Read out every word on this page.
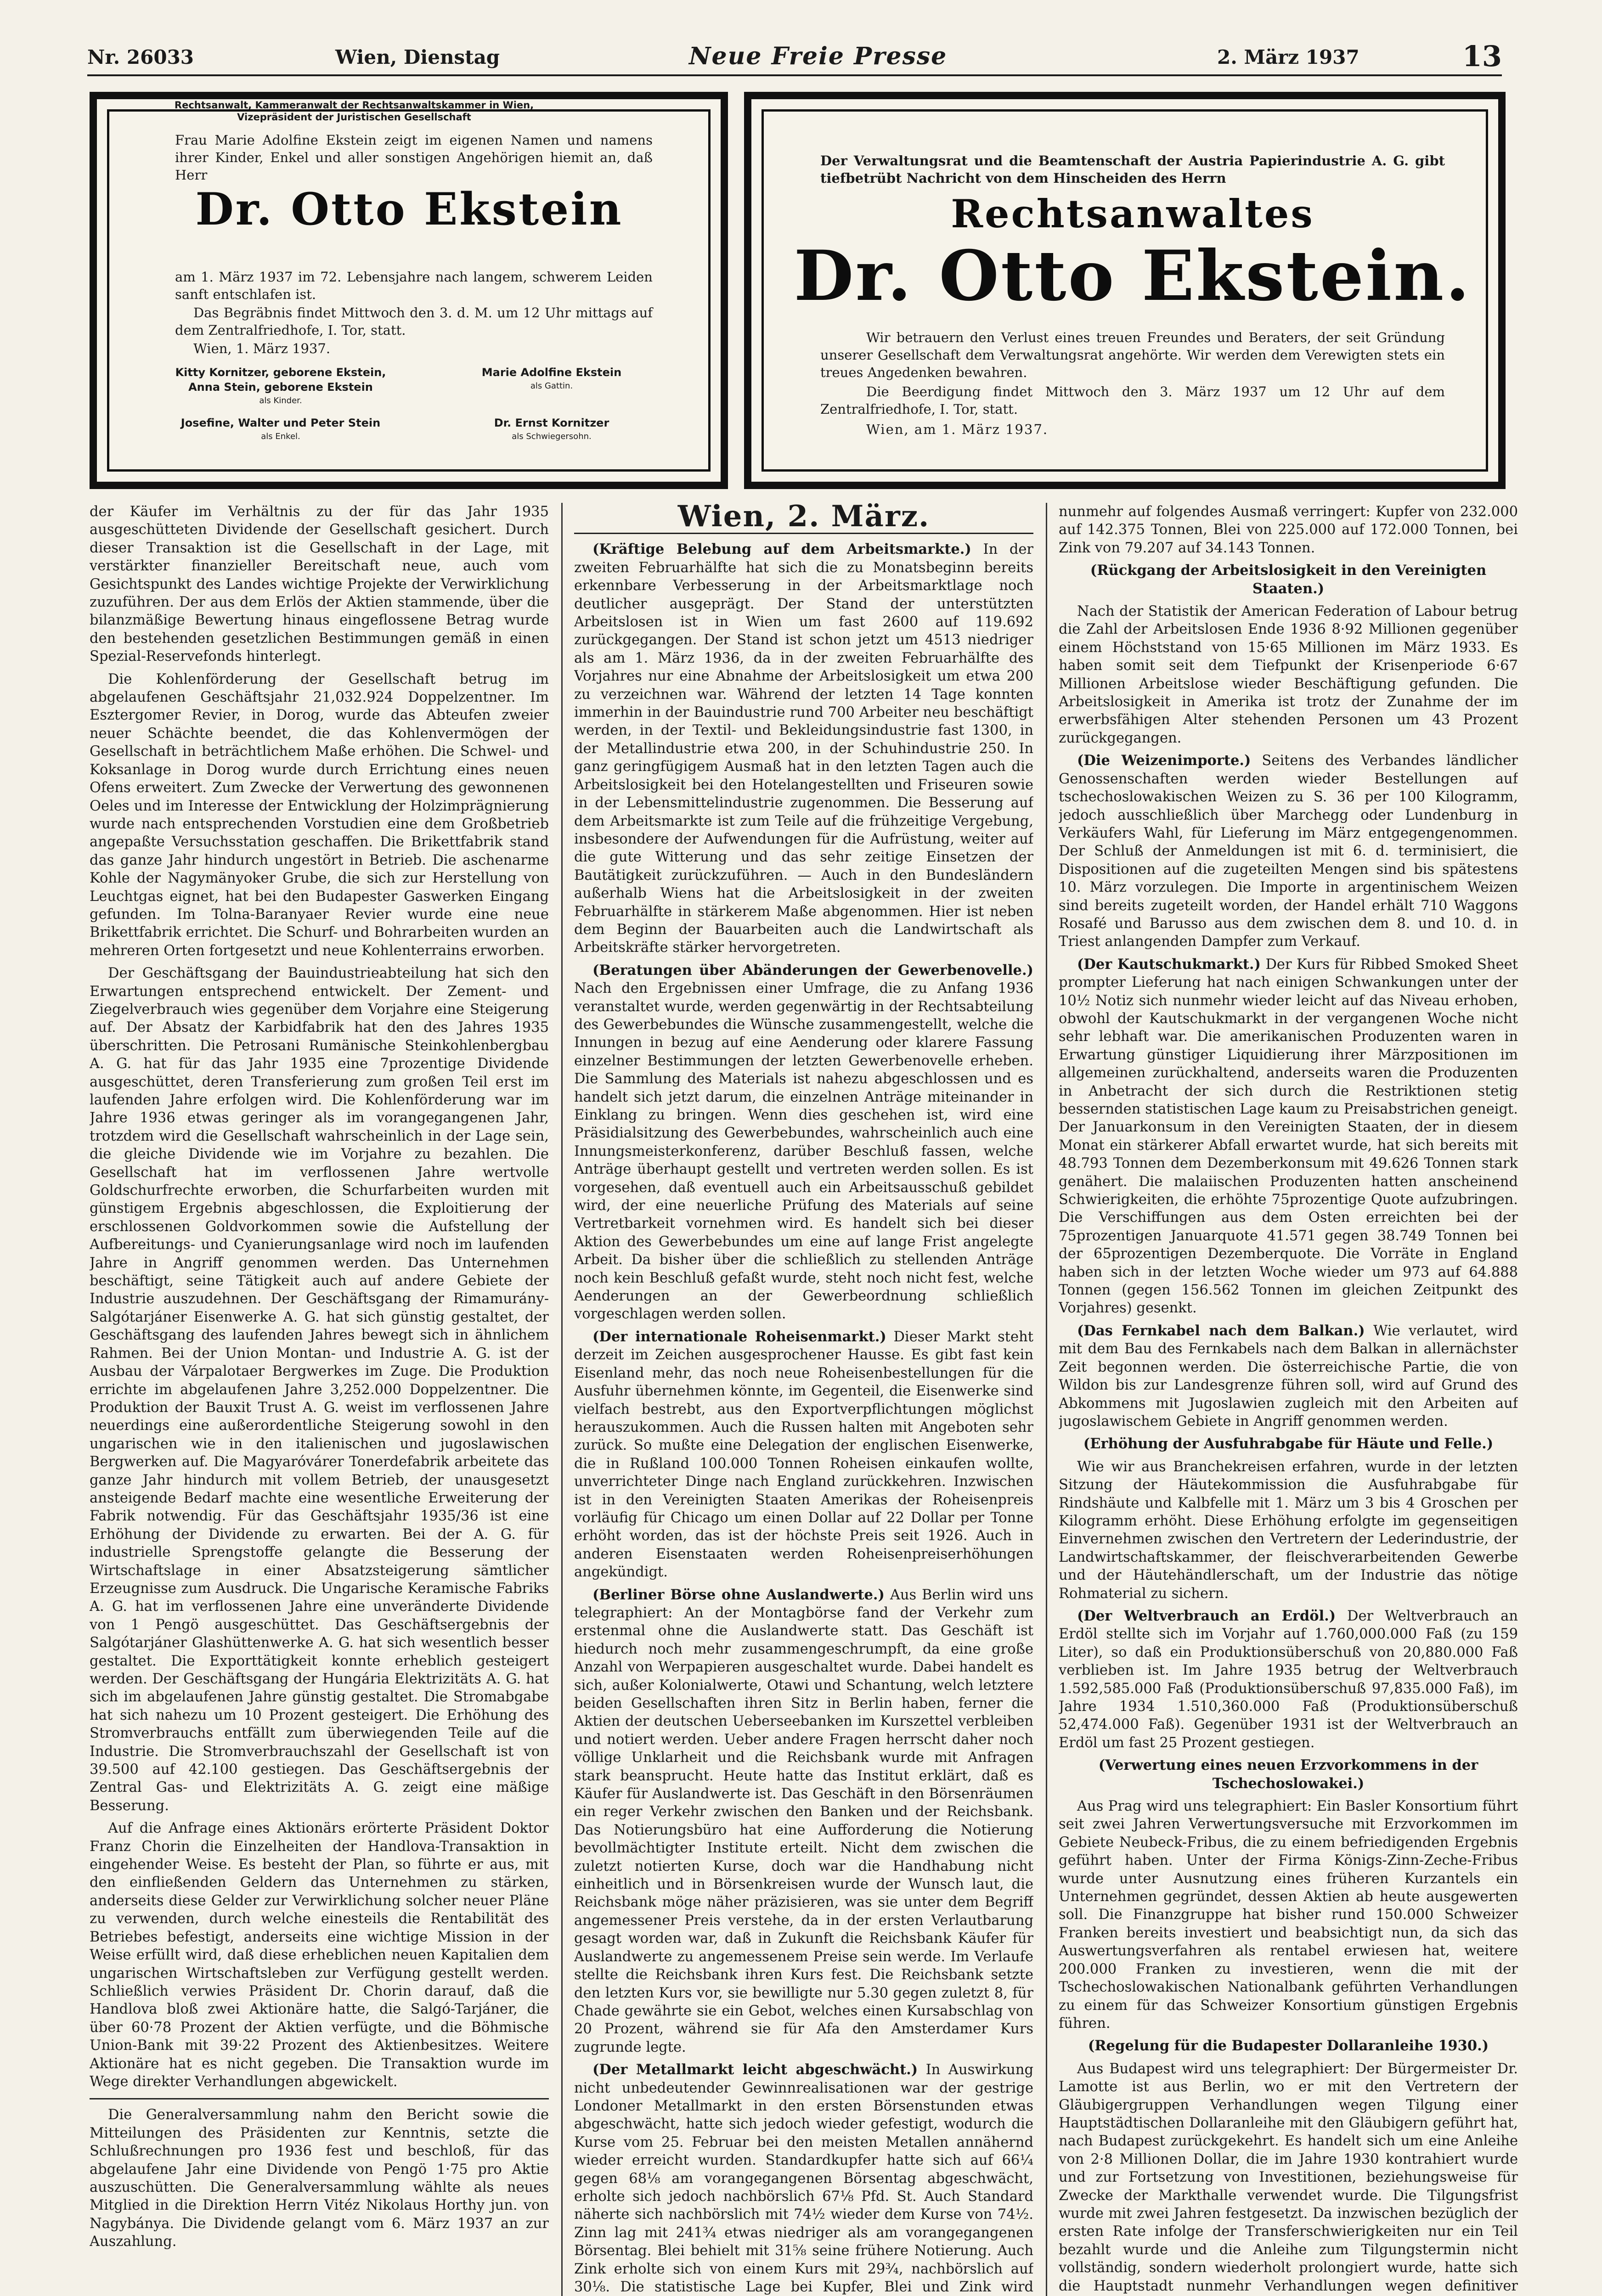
Nr. 26033	Wien, Dienstag	Neue Freie Presse	2. März 1937	13
Frau Marie Adolfine Ekstein zeigt im eigenen Namen und namens ihrer Kinder, Enkel und aller sonstigen Angehörigen hiemit an, daß Herr
Dr. Otto Ekstein
Rechtsanwalt, Kammeranwalt der Rechtsanwaltskammer in Wien,
Vizepräsident der Juristischen Gesellschaft
am 1. März 1937 im 72. Lebensjahre nach langem, schwerem Leiden sanft entschlafen ist.
Das Begräbnis findet Mittwoch den 3. d. M. um 12 Uhr mittags auf dem Zentralfriedhofe, I. Tor, statt.
Wien, 1. März 1937.
Kitty Kornitzer, geborene Ekstein,
Anna Stein, geborene Ekstein
als Kinder.
Marie Adolfine Ekstein
als Gattin.
Josefine, Walter und Peter Stein
als Enkel.
Dr. Ernst Kornitzer
als Schwiegersohn.
Der Verwaltungsrat und die Beamtenschaft der Austria Papierindustrie A. G. gibt tiefbetrübt Nachricht von dem Hinscheiden des Herrn
Rechtsanwaltes
Dr. Otto Ekstein.
Wir betrauern den Verlust eines treuen Freundes und Beraters, der seit Gründung unserer Gesellschaft dem Verwaltungsrat angehörte. Wir werden dem Verewigten stets ein treues Angedenken bewahren.
Die Beerdigung findet Mittwoch den 3. März 1937 um 12 Uhr auf dem Zentralfriedhofe, I. Tor, statt.
Wien, am 1. März 1937.

der Käufer im Verhältnis zu der für das Jahr 1935 ausgeschütteten Dividende der Gesellschaft gesichert. Durch dieser Transaktion ist die Gesellschaft in der Lage, mit verstärkter finanzieller Bereitschaft neue, auch vom Gesichtspunkt des Landes wichtige Projekte der Verwirklichung zuzuführen. Der aus dem Erlös der Aktien stammende, über die bilanzmäßige Bewertung hinaus eingeflossene Betrag wurde den bestehenden gesetzlichen Bestimmungen gemäß in einen Spezial-Reservefonds hinterlegt.

Die Kohlenförderung der Gesellschaft betrug im abgelaufenen Geschäftsjahr 21,032.924 Doppelzentner. Im Esztergomer Revier, in Dorog, wurde das Abteufen zweier neuer Schächte beendet, die das Kohlenvermögen der Gesellschaft in beträchtlichem Maße erhöhen. Die Schwel- und Koksanlage in Dorog wurde durch Errichtung eines neuen Ofens erweitert. Zum Zwecke der Verwertung des gewonnenen Oeles und im Interesse der Entwicklung der Holzimprägnierung wurde nach entsprechenden Vorstudien eine dem Großbetrieb angepaßte Versuchsstation geschaffen. Die Brikettfabrik stand das ganze Jahr hindurch ungestört in Betrieb. Die aschenarme Kohle der Nagymänyoker Grube, die sich zur Herstellung von Leuchtgas eignet, hat bei den Budapester Gaswerken Eingang gefunden. Im Tolna-Baranyaer Revier wurde eine neue Brikettfabrik errichtet. Die Schurf- und Bohrarbeiten wurden an mehreren Orten fortgesetzt und neue Kohlenterrains erworben.

Der Geschäftsgang der Bauindustrieabteilung hat sich den Erwartungen entsprechend entwickelt. Der Zement- und Ziegelverbrauch wies gegenüber dem Vorjahre eine Steigerung auf. Der Absatz der Karbidfabrik hat den des Jahres 1935 überschritten. Die Petrosani Rumänische Steinkohlenbergbau A. G. hat für das Jahr 1935 eine 7prozentige Dividende ausgeschüttet, deren Transferierung zum großen Teil erst im laufenden Jahre erfolgen wird. Die Kohlenförderung war im Jahre 1936 etwas geringer als im vorangegangenen Jahr, trotzdem wird die Gesellschaft wahrscheinlich in der Lage sein, die gleiche Dividende wie im Vorjahre zu bezahlen. Die Gesellschaft hat im verflossenen Jahre wertvolle Goldschurfrechte erworben, die Schurfarbeiten wurden mit günstigem Ergebnis abgeschlossen, die Exploitierung der erschlossenen Goldvorkommen sowie die Aufstellung der Aufbereitungs- und Cyanierungsanlage wird noch im laufenden Jahre in Angriff genommen werden. Das Unternehmen beschäftigt, seine Tätigkeit auch auf andere Gebiete der Industrie auszudehnen. Der Geschäftsgang der Rimamurány-Salgótarjáner Eisenwerke A. G. hat sich günstig gestaltet, der Geschäftsgang des laufenden Jahres bewegt sich in ähnlichem Rahmen. Bei der Union Montan- und Industrie A. G. ist der Ausbau der Várpalotaer Bergwerkes im Zuge. Die Produktion errichte im abgelaufenen Jahre 3,252.000 Doppelzentner. Die Produktion der Bauxit Trust A. G. weist im verflossenen Jahre neuerdings eine außerordentliche Steigerung sowohl in den ungarischen wie in den italienischen und jugoslawischen Bergwerken auf. Die Magyaróvárer Tonerdefabrik arbeitete das ganze Jahr hindurch mit vollem Betrieb, der unausgesetzt ansteigende Bedarf machte eine wesentliche Erweiterung der Fabrik notwendig. Für das Geschäftsjahr 1935/36 ist eine Erhöhung der Dividende zu erwarten. Bei der A. G. für industrielle Sprengstoffe gelangte die Besserung der Wirtschaftslage in einer Absatzsteigerung sämtlicher Erzeugnisse zum Ausdruck. Die Ungarische Keramische Fabriks A. G. hat im verflossenen Jahre eine unveränderte Dividende von 1 Pengö ausgeschüttet. Das Geschäftsergebnis der Salgótarjáner Glashüttenwerke A. G. hat sich wesentlich besser gestaltet. Die Exporttätigkeit konnte erheblich gesteigert werden. Der Geschäftsgang der Hungária Elektrizitäts A. G. hat sich im abgelaufenen Jahre günstig gestaltet. Die Stromabgabe hat sich nahezu um 10 Prozent gesteigert. Die Erhöhung des Stromverbrauchs entfällt zum überwiegenden Teile auf die Industrie. Die Stromverbrauchszahl der Gesellschaft ist von 39.500 auf 42.100 gestiegen. Das Geschäftsergebnis der Zentral Gas- und Elektrizitäts A. G. zeigt eine mäßige Besserung.

Auf die Anfrage eines Aktionärs erörterte Präsident Doktor Franz Chorin die Einzelheiten der Handlova-Transaktion in eingehender Weise. Es besteht der Plan, so führte er aus, mit den einfließenden Geldern das Unternehmen zu stärken, anderseits diese Gelder zur Verwirklichung solcher neuer Pläne zu verwenden, durch welche einesteils die Rentabilität des Betriebes befestigt, anderseits eine wichtige Mission in der Weise erfüllt wird, daß diese erheblichen neuen Kapitalien dem ungarischen Wirtschaftsleben zur Verfügung gestellt werden. Schließlich verwies Präsident Dr. Chorin darauf, daß die Handlova bloß zwei Aktionäre hatte, die Salgó-Tarjáner, die über 60·78 Prozent der Aktien verfügte, und die Böhmische Union-Bank mit 39·22 Prozent des Aktienbesitzes. Weitere Aktionäre hat es nicht gegeben. Die Transaktion wurde im Wege direkter Verhandlungen abgewickelt.

Die Generalversammlung nahm den Bericht sowie die Mitteilungen des Präsidenten zur Kenntnis, setzte die Schlußrechnungen pro 1936 fest und beschloß, für das abgelaufene Jahr eine Dividende von Pengö 1·75 pro Aktie auszuschütten. Die Generalversammlung wählte als neues Mitglied in die Direktion Herrn Vitéz Nikolaus Horthy jun. von Nagybánya. Die Dividende gelangt vom 6. März 1937 an zur Auszahlung.

Wien, 2. März.

(Kräftige Belebung auf dem Arbeitsmarkte.) In der zweiten Februarhälfte hat sich die zu Monatsbeginn bereits erkennbare Verbesserung in der Arbeitsmarktlage noch deutlicher ausgeprägt. Der Stand der unterstützten Arbeitslosen ist in Wien um fast 2600 auf 119.692 zurückgegangen. Der Stand ist schon jetzt um 4513 niedriger als am 1. März 1936, da in der zweiten Februarhälfte des Vorjahres nur eine Abnahme der Arbeitslosigkeit um etwa 200 zu verzeichnen war. Während der letzten 14 Tage konnten immerhin in der Bauindustrie rund 700 Arbeiter neu beschäftigt werden, in der Textil- und Bekleidungsindustrie fast 1300, in der Metallindustrie etwa 200, in der Schuhindustrie 250. In ganz geringfügigem Ausmaß hat in den letzten Tagen auch die Arbeitslosigkeit bei den Hotelangestellten und Friseuren sowie in der Lebensmittelindustrie zugenommen. Die Besserung auf dem Arbeitsmarkte ist zum Teile auf die frühzeitige Vergebung, insbesondere der Aufwendungen für die Aufrüstung, weiter auf die gute Witterung und das sehr zeitige Einsetzen der Bautätigkeit zurückzuführen. — Auch in den Bundesländern außerhalb Wiens hat die Arbeitslosigkeit in der zweiten Februarhälfte in stärkerem Maße abgenommen. Hier ist neben dem Beginn der Bauarbeiten auch die Landwirtschaft als Arbeitskräfte stärker hervorgetreten.

(Beratungen über Abänderungen der Gewerbenovelle.) Nach den Ergebnissen einer Umfrage, die zu Anfang 1936 veranstaltet wurde, werden gegenwärtig in der Rechtsabteilung des Gewerbebundes die Wünsche zusammengestellt, welche die Innungen in bezug auf eine Aenderung oder klarere Fassung einzelner Bestimmungen der letzten Gewerbenovelle erheben. Die Sammlung des Materials ist nahezu abgeschlossen und es handelt sich jetzt darum, die einzelnen Anträge miteinander in Einklang zu bringen. Wenn dies geschehen ist, wird eine Präsidialsitzung des Gewerbebundes, wahrscheinlich auch eine Innungsmeisterkonferenz, darüber Beschluß fassen, welche Anträge überhaupt gestellt und vertreten werden sollen. Es ist vorgesehen, daß eventuell auch ein Arbeitsausschuß gebildet wird, der eine neuerliche Prüfung des Materials auf seine Vertretbarkeit vornehmen wird. Es handelt sich bei dieser Aktion des Gewerbebundes um eine auf lange Frist angelegte Arbeit. Da bisher über die schließlich zu stellenden Anträge noch kein Beschluß gefaßt wurde, steht noch nicht fest, welche Aenderungen an der Gewerbeordnung schließlich vorgeschlagen werden sollen.

(Der internationale Roheisenmarkt.) Dieser Markt steht derzeit im Zeichen ausgesprochener Hausse. Es gibt fast kein Eisenland mehr, das noch neue Roheisenbestellungen für die Ausfuhr übernehmen könnte, im Gegenteil, die Eisenwerke sind vielfach bestrebt, aus den Exportverpflichtungen möglichst herauszukommen. Auch die Russen halten mit Angeboten sehr zurück. So mußte eine Delegation der englischen Eisenwerke, die in Rußland 100.000 Tonnen Roheisen einkaufen wollte, unverrichteter Dinge nach England zurückkehren. Inzwischen ist in den Vereinigten Staaten Amerikas der Roheisenpreis vorläufig für Chicago um einen Dollar auf 22 Dollar per Tonne erhöht worden, das ist der höchste Preis seit 1926. Auch in anderen Eisenstaaten werden Roheisenpreiserhöhungen angekündigt.

(Berliner Börse ohne Auslandwerte.) Aus Berlin wird uns telegraphiert: An der Montagbörse fand der Verkehr zum erstenmal ohne die Auslandwerte statt. Das Geschäft ist hiedurch noch mehr zusammengeschrumpft, da eine große Anzahl von Werpapieren ausgeschaltet wurde. Dabei handelt es sich, außer Kolonialwerte, Otawi und Schantung, welch letztere beiden Gesellschaften ihren Sitz in Berlin haben, ferner die Aktien der deutschen Ueberseebanken im Kurszettel verbleiben und notiert werden. Ueber andere Fragen herrscht daher noch völlige Unklarheit und die Reichsbank wurde mit Anfragen stark beansprucht. Heute hatte das Institut erklärt, daß es Käufer für Auslandwerte ist. Das Geschäft in den Börsenräumen ein reger Verkehr zwischen den Banken und der Reichsbank. Das Notierungsbüro hat eine Aufforderung die Notierung bevollmächtigter Institute erteilt. Nicht dem zwischen die zuletzt notierten Kurse, doch war die Handhabung nicht einheitlich und in Börsenkreisen wurde der Wunsch laut, die Reichsbank möge näher präzisieren, was sie unter dem Begriff angemessener Preis verstehe, da in der ersten Verlautbarung gesagt worden war, daß in Zukunft die Reichsbank Käufer für Auslandwerte zu angemessenem Preise sein werde. Im Verlaufe stellte die Reichsbank ihren Kurs fest. Die Reichsbank setzte den letzten Kurs vor, sie bewilligte nur 5.30 gegen zuletzt 8, für Chade gewährte sie ein Gebot, welches einen Kursabschlag von 20 Prozent, während sie für Afa den Amsterdamer Kurs zugrunde legte.

(Der Metallmarkt leicht abgeschwächt.) In Auswirkung nicht unbedeutender Gewinnrealisationen war der gestrige Londoner Metallmarkt in den ersten Börsenstunden etwas abgeschwächt, hatte sich jedoch wieder gefestigt, wodurch die Kurse vom 25. Februar bei den meisten Metallen annähernd wieder erreicht wurden. Standardkupfer hatte sich auf 66¼ gegen 68⅛ am vorangegangenen Börsentag abgeschwächt, erholte sich jedoch nachbörslich 67⅛ Pfd. St. Auch Standard näherte sich nachbörslich mit 74½ wieder dem Kurse von 74½. Zinn lag mit 241¾ etwas niedriger als am vorangegangenen Börsentag. Blei behielt mit 31⅝ seine frühere Notierung. Auch Zink erholte sich von einem Kurs mit 29¾, nachbörslich auf 30⅛. Die statistische Lage bei Kupfer, Blei und Zink wird

nunmehr auf folgendes Ausmaß verringert: Kupfer von 232.000 auf 142.375 Tonnen, Blei von 225.000 auf 172.000 Tonnen, bei Zink von 79.207 auf 34.143 Tonnen.

(Rückgang der Arbeitslosigkeit in den Vereinigten Staaten.)

Nach der Statistik der American Federation of Labour betrug die Zahl der Arbeitslosen Ende 1936 8·92 Millionen gegenüber einem Höchststand von 15·65 Millionen im März 1933. Es haben somit seit dem Tiefpunkt der Krisenperiode 6·67 Millionen Arbeitslose wieder Beschäftigung gefunden. Die Arbeitslosigkeit in Amerika ist trotz der Zunahme der im erwerbsfähigen Alter stehenden Personen um 43 Prozent zurückgegangen.

(Die Weizenimporte.) Seitens des Verbandes ländlicher Genossenschaften werden wieder Bestellungen auf tschechoslowakischen Weizen zu S. 36 per 100 Kilogramm, jedoch ausschließlich über Marchegg oder Lundenburg in Verkäufers Wahl, für Lieferung im März entgegengenommen. Der Schluß der Anmeldungen ist mit 6. d. terminisiert, die Dispositionen auf die zugeteilten Mengen sind bis spätestens 10. März vorzulegen. Die Importe in argentinischem Weizen sind bereits zugeteilt worden, der Handel erhält 710 Waggons Rosafé und Barusso aus dem zwischen dem 8. und 10. d. in Triest anlangenden Dampfer zum Verkauf.

(Der Kautschukmarkt.) Der Kurs für Ribbed Smoked Sheet prompter Lieferung hat nach einigen Schwankungen unter der 10½ Notiz sich nunmehr wieder leicht auf das Niveau erhoben, obwohl der Kautschukmarkt in der vergangenen Woche nicht sehr lebhaft war. Die amerikanischen Produzenten waren in Erwartung günstiger Liquidierung ihrer Märzpositionen im allgemeinen zurückhaltend, anderseits waren die Produzenten in Anbetracht der sich durch die Restriktionen stetig bessernden statistischen Lage kaum zu Preisabstrichen geneigt. Der Januarkonsum in den Vereinigten Staaten, der in diesem Monat ein stärkerer Abfall erwartet wurde, hat sich bereits mit 48.793 Tonnen dem Dezemberkonsum mit 49.626 Tonnen stark genähert. Die malaiischen Produzenten hatten anscheinend Schwierigkeiten, die erhöhte 75prozentige Quote aufzubringen. Die Verschiffungen aus dem Osten erreichten bei der 75prozentigen Januarquote 41.571 gegen 38.749 Tonnen bei der 65prozentigen Dezemberquote. Die Vorräte in England haben sich in der letzten Woche wieder um 973 auf 64.888 Tonnen (gegen 156.562 Tonnen im gleichen Zeitpunkt des Vorjahres) gesenkt.

(Das Fernkabel nach dem Balkan.) Wie verlautet, wird mit dem Bau des Fernkabels nach dem Balkan in allernächster Zeit begonnen werden. Die österreichische Partie, die von Wildon bis zur Landesgrenze führen soll, wird auf Grund des Abkommens mit Jugoslawien zugleich mit den Arbeiten auf jugoslawischem Gebiete in Angriff genommen werden.

(Erhöhung der Ausfuhrabgabe für Häute und Felle.)

Wie wir aus Branchekreisen erfahren, wurde in der letzten Sitzung der Häutekommission die Ausfuhrabgabe für Rindshäute und Kalbfelle mit 1. März um 3 bis 4 Groschen per Kilogramm erhöht. Diese Erhöhung erfolgte im gegenseitigen Einvernehmen zwischen den Vertretern der Lederindustrie, der Landwirtschaftskammer, der fleischverarbeitenden Gewerbe und der Häutehändlerschaft, um der Industrie das nötige Rohmaterial zu sichern.

(Der Weltverbrauch an Erdöl.) Der Weltverbrauch an Erdöl stellte sich im Vorjahr auf 1.760,000.000 Faß (zu 159 Liter), so daß ein Produktionsüberschuß von 20,880.000 Faß verblieben ist. Im Jahre 1935 betrug der Weltverbrauch 1.592,585.000 Faß (Produktionsüberschuß 97,835.000 Faß), im Jahre 1934 1.510,360.000 Faß (Produktionsüberschuß 52,474.000 Faß). Gegenüber 1931 ist der Weltverbrauch an Erdöl um fast 25 Prozent gestiegen.

(Verwertung eines neuen Erzvorkommens in der Tschechoslowakei.)

Aus Prag wird uns telegraphiert: Ein Basler Konsortium führt seit zwei Jahren Verwertungsversuche mit Erzvorkommen im Gebiete Neubeck-Fribus, die zu einem befriedigenden Ergebnis geführt haben. Unter der Firma Königs-Zinn-Zeche-Fribus wurde unter Ausnutzung eines früheren Kurzantels ein Unternehmen gegründet, dessen Aktien ab heute ausgewerten soll. Die Finanzgruppe hat bisher rund 150.000 Schweizer Franken bereits investiert und beabsichtigt nun, da sich das Auswertungsverfahren als rentabel erwiesen hat, weitere 200.000 Franken zu investieren, wenn die mit der Tschechoslowakischen Nationalbank geführten Verhandlungen zu einem für das Schweizer Konsortium günstigen Ergebnis führen.

(Regelung für die Budapester Dollaranleihe 1930.)

Aus Budapest wird uns telegraphiert: Der Bürgermeister Dr. Lamotte ist aus Berlin, wo er mit den Vertretern der Gläubigergruppen Verhandlungen wegen Tilgung einer Hauptstädtischen Dollaranleihe mit den Gläubigern geführt hat, nach Budapest zurückgekehrt. Es handelt sich um eine Anleihe von 2·8 Millionen Dollar, die im Jahre 1930 kontrahiert wurde und zur Fortsetzung von Investitionen, beziehungsweise für Zwecke der Markthalle verwendet wurde. Die Tilgungsfrist wurde mit zwei Jahren festgesetzt. Da inzwischen bezüglich der ersten Rate infolge der Transferschwierigkeiten nur ein Teil bezahlt wurde und die Anleihe zum Tilgungstermin nicht vollständig, sondern wiederholt prolongiert wurde, hatte sich die Hauptstadt nunmehr Verhandlungen wegen definitiver
